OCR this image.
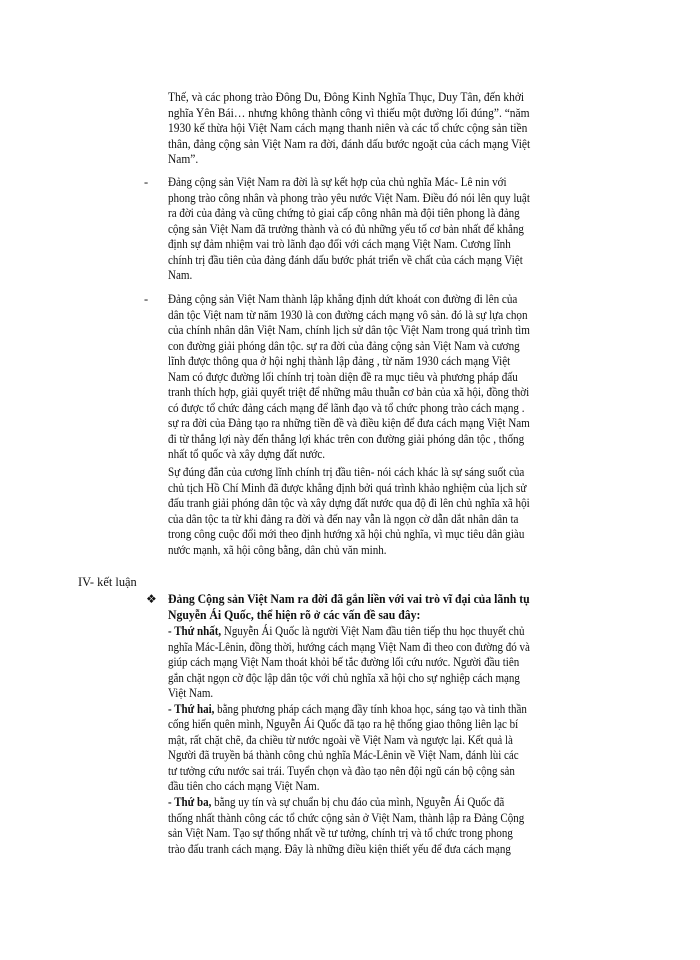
Thế, và các phong trào Đông Du, Đông Kinh Nghĩa Thục, Duy Tân, đến khởi
nghĩa Yên Bái… nhưng không thành công vì thiếu một đường lối đúng”. “năm
1930 kế thừa hội Việt Nam cách mạng thanh niên và các tổ chức cộng sản tiền
thân, đảng cộng sản Việt Nam ra đời, đánh dấu bước ngoặt của cách mạng Việt
Nam”.
-	Đảng cộng sản Việt Nam ra đời là sự kết hợp của chủ nghĩa Mác- Lê nin với
phong trào công nhân và phong trào yêu nước Việt Nam. Điều đó nói lên quy luật
ra đời của đảng và cũng chứng tỏ giai cấp công nhân mà đội tiên phong là đảng
cộng sản Việt Nam đã trưởng thành và có đủ những yếu tố cơ bản nhất để khẳng
định sự đảm nhiệm vai trò lãnh đạo đối với cách mạng Việt Nam. Cương lĩnh
chính trị đầu tiên của đảng đánh dấu bước phát triển về chất của cách mạng Việt
Nam.
-	Đảng cộng sản Việt Nam thành lập khẳng định dứt khoát con đường đi lên của
dân tộc Việt nam từ năm 1930 là con đường cách mạng vô sản. đó là sự lựa chọn
của chính nhân dân Việt Nam, chính lịch sử dân tộc Việt Nam trong quá trình tìm
con đường giải phóng dân tộc. sự ra đời của đảng cộng sản Việt Nam và cương
lĩnh được thông qua ở hội nghị thành lập đảng , từ năm 1930 cách mạng Việt
Nam có được đường lối chính trị toàn diện đề ra mục tiêu và phương pháp đấu
tranh thích hợp, giải quyết triệt để những mâu thuẫn cơ bản của xã hội, đồng thời
có được tổ chức đảng cách mạng để lãnh đạo và tổ chức phong trào cách mạng .
sự ra đời của Đảng tạo ra những tiền đề và điều kiện để đưa cách mạng Việt Nam
đi từ thắng lợi này đến thắng lợi khác trên con đường giải phóng dân tộc , thống
nhất tổ quốc và xây dựng đất nước.
Sự đúng đắn của cương lĩnh chính trị đầu tiên- nói cách khác là sự sáng suốt của
chủ tịch Hồ Chí Minh đã được khẳng định bởi quá trình khảo nghiệm của lịch sử
đấu tranh giải phóng dân tộc và xây dựng đất nước qua độ đi lên chủ nghĩa xã hội
của dân tộc ta từ khi đảng ra đời và đến nay vẫn là ngọn cờ dẫn dắt nhân dân ta
trong công cuộc đổi mới theo định hướng xã hội chủ nghĩa, vì mục tiêu dân giàu
nước mạnh, xã hội công bằng, dân chủ văn minh.
IV- kết luận
❖ Đảng Cộng sản Việt Nam ra đời đã gắn liền với vai trò vĩ đại của lãnh tụ
Nguyễn Ái Quốc, thể hiện rõ ở các vấn đề sau đây:
- Thứ nhất, Nguyễn Ái Quốc là người Việt Nam đầu tiên tiếp thu học thuyết chủ
nghĩa Mác-Lênin, đồng thời, hướng cách mạng Việt Nam đi theo con đường đó và
giúp cách mạng Việt Nam thoát khỏi bế tắc đường lối cứu nước. Người đầu tiên
gắn chặt ngọn cờ độc lập dân tộc với chủ nghĩa xã hội cho sự nghiệp cách mạng
Việt Nam.
- Thứ hai, bằng phương pháp cách mạng đầy tính khoa học, sáng tạo và tinh thần
cống hiến quên mình, Nguyễn Ái Quốc đã tạo ra hệ thống giao thông liên lạc bí
mật, rất chặt chẽ, đa chiều từ nước ngoài về Việt Nam và ngược lại. Kết quả là
Người đã truyền bá thành công chủ nghĩa Mác-Lênin về Việt Nam, đánh lùi các
tư tưởng cứu nước sai trái. Tuyển chọn và đào tạo nên đội ngũ cán bộ cộng sản
đầu tiên cho cách mạng Việt Nam.
- Thứ ba, bằng uy tín và sự chuẩn bị chu đáo của mình, Nguyễn Ái Quốc đã
thống nhất thành công các tổ chức cộng sản ở Việt Nam, thành lập ra Đảng Cộng
sản Việt Nam. Tạo sự thống nhất về tư tưởng, chính trị và tổ chức trong phong
trào đấu tranh cách mạng. Đây là những điều kiện thiết yếu để đưa cách mạng
